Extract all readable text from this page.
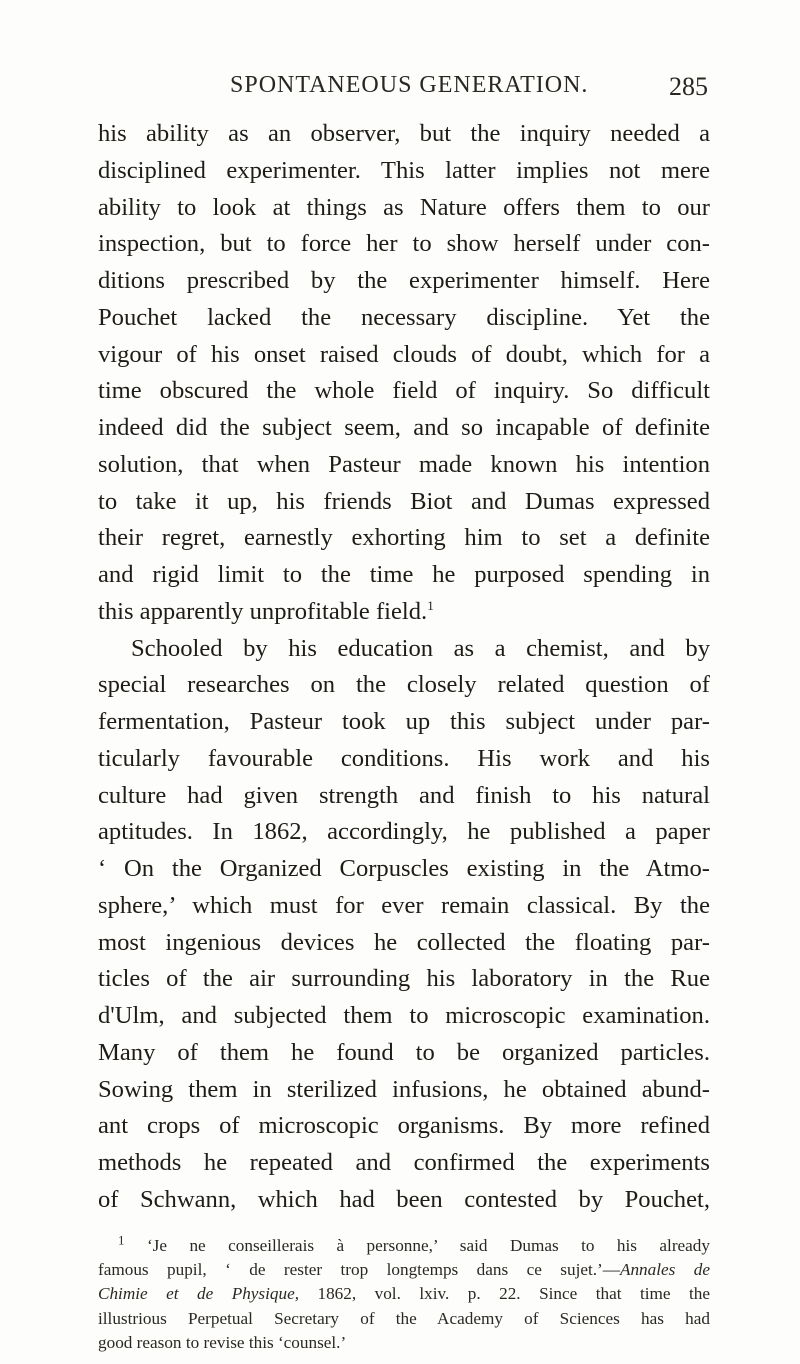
SPONTANEOUS GENERATION.	285
his ability as an observer, but the inquiry needed a
disciplined experimenter. This latter implies not mere
ability to look at things as Nature offers them to our
inspection, but to force her to show herself under con-
ditions prescribed by the experimenter himself. Here
Pouchet lacked the necessary discipline. Yet the
vigour of his onset raised clouds of doubt, which for a
time obscured the whole field of inquiry. So difficult
indeed did the subject seem, and so incapable of definite
solution, that when Pasteur made known his intention
to take it up, his friends Biot and Dumas expressed
their regret, earnestly exhorting him to set a definite
and rigid limit to the time he purposed spending in
this apparently unprofitable field.$^1$
Schooled by his education as a chemist, and by
special researches on the closely related question of
fermentation, Pasteur took up this subject under par-
ticularly favourable conditions. His work and his
culture had given strength and finish to his natural
aptitudes. In 1862, accordingly, he published a paper
‘ On the Organized Corpuscles existing in the Atmo-
sphere,’ which must for ever remain classical. By the
most ingenious devices he collected the floating par-
ticles of the air surrounding his laboratory in the Rue
d'Ulm, and subjected them to microscopic examination.
Many of them he found to be organized particles.
Sowing them in sterilized infusions, he obtained abund-
ant crops of microscopic organisms. By more refined
methods he repeated and confirmed the experiments
of Schwann, which had been contested by Pouchet,
$^1$ ‘Je ne conseillerais à personne,’ said Dumas to his already
famous pupil, ‘ de rester trop longtemps dans ce sujet.’—Annales de
Chimie et de Physique, 1862, vol. lxiv. p. 22. Since that time the
illustrious Perpetual Secretary of the Academy of Sciences has had
good reason to revise this ‘counsel.’
